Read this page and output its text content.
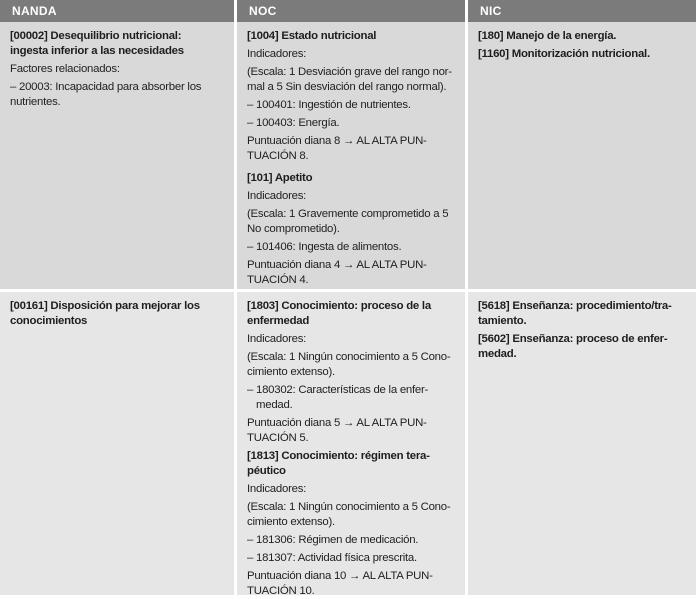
NANDA	NOC	NIC
[00002] Desequilibrio nutricional:
ingesta inferior a las necesidades
Factores relacionados:
– 20003: Incapacidad para absorber los
nutrientes.
[1004] Estado nutricional
Indicadores:
(Escala: 1 Desviación grave del rango nor-
mal a 5 Sin desviación del rango normal).
– 100401: Ingestión de nutrientes.
– 100403: Energía.
Puntuación diana 8 → AL ALTA PUN-
TUACIÓN 8.
[101] Apetito
Indicadores:
(Escala: 1 Gravemente comprometido a 5
No comprometido).
– 101406: Ingesta de alimentos.
Puntuación diana 4 → AL ALTA PUN-
TUACIÓN 4.
[180] Manejo de la energía.
[1160] Monitorización nutricional.
[00161] Disposición para mejorar los
conocimientos
[1803] Conocimiento: proceso de la
enfermedad
Indicadores:
(Escala: 1 Ningún conocimiento a 5 Cono-
cimiento extenso).
– 180302: Características de la enfer-
medad.
Puntuación diana 5 → AL ALTA PUN-
TUACIÓN 5.
[1813] Conocimiento: régimen tera-
péutico
Indicadores:
(Escala: 1 Ningún conocimiento a 5 Cono-
cimiento extenso).
– 181306: Régimen de medicación.
– 181307: Actividad física prescrita.
Puntuación diana 10 → AL ALTA PUN-
TUACIÓN 10.
[5618] Enseñanza: procedimiento/tra-
tamiento.
[5602] Enseñanza: proceso de enfer-
medad.
